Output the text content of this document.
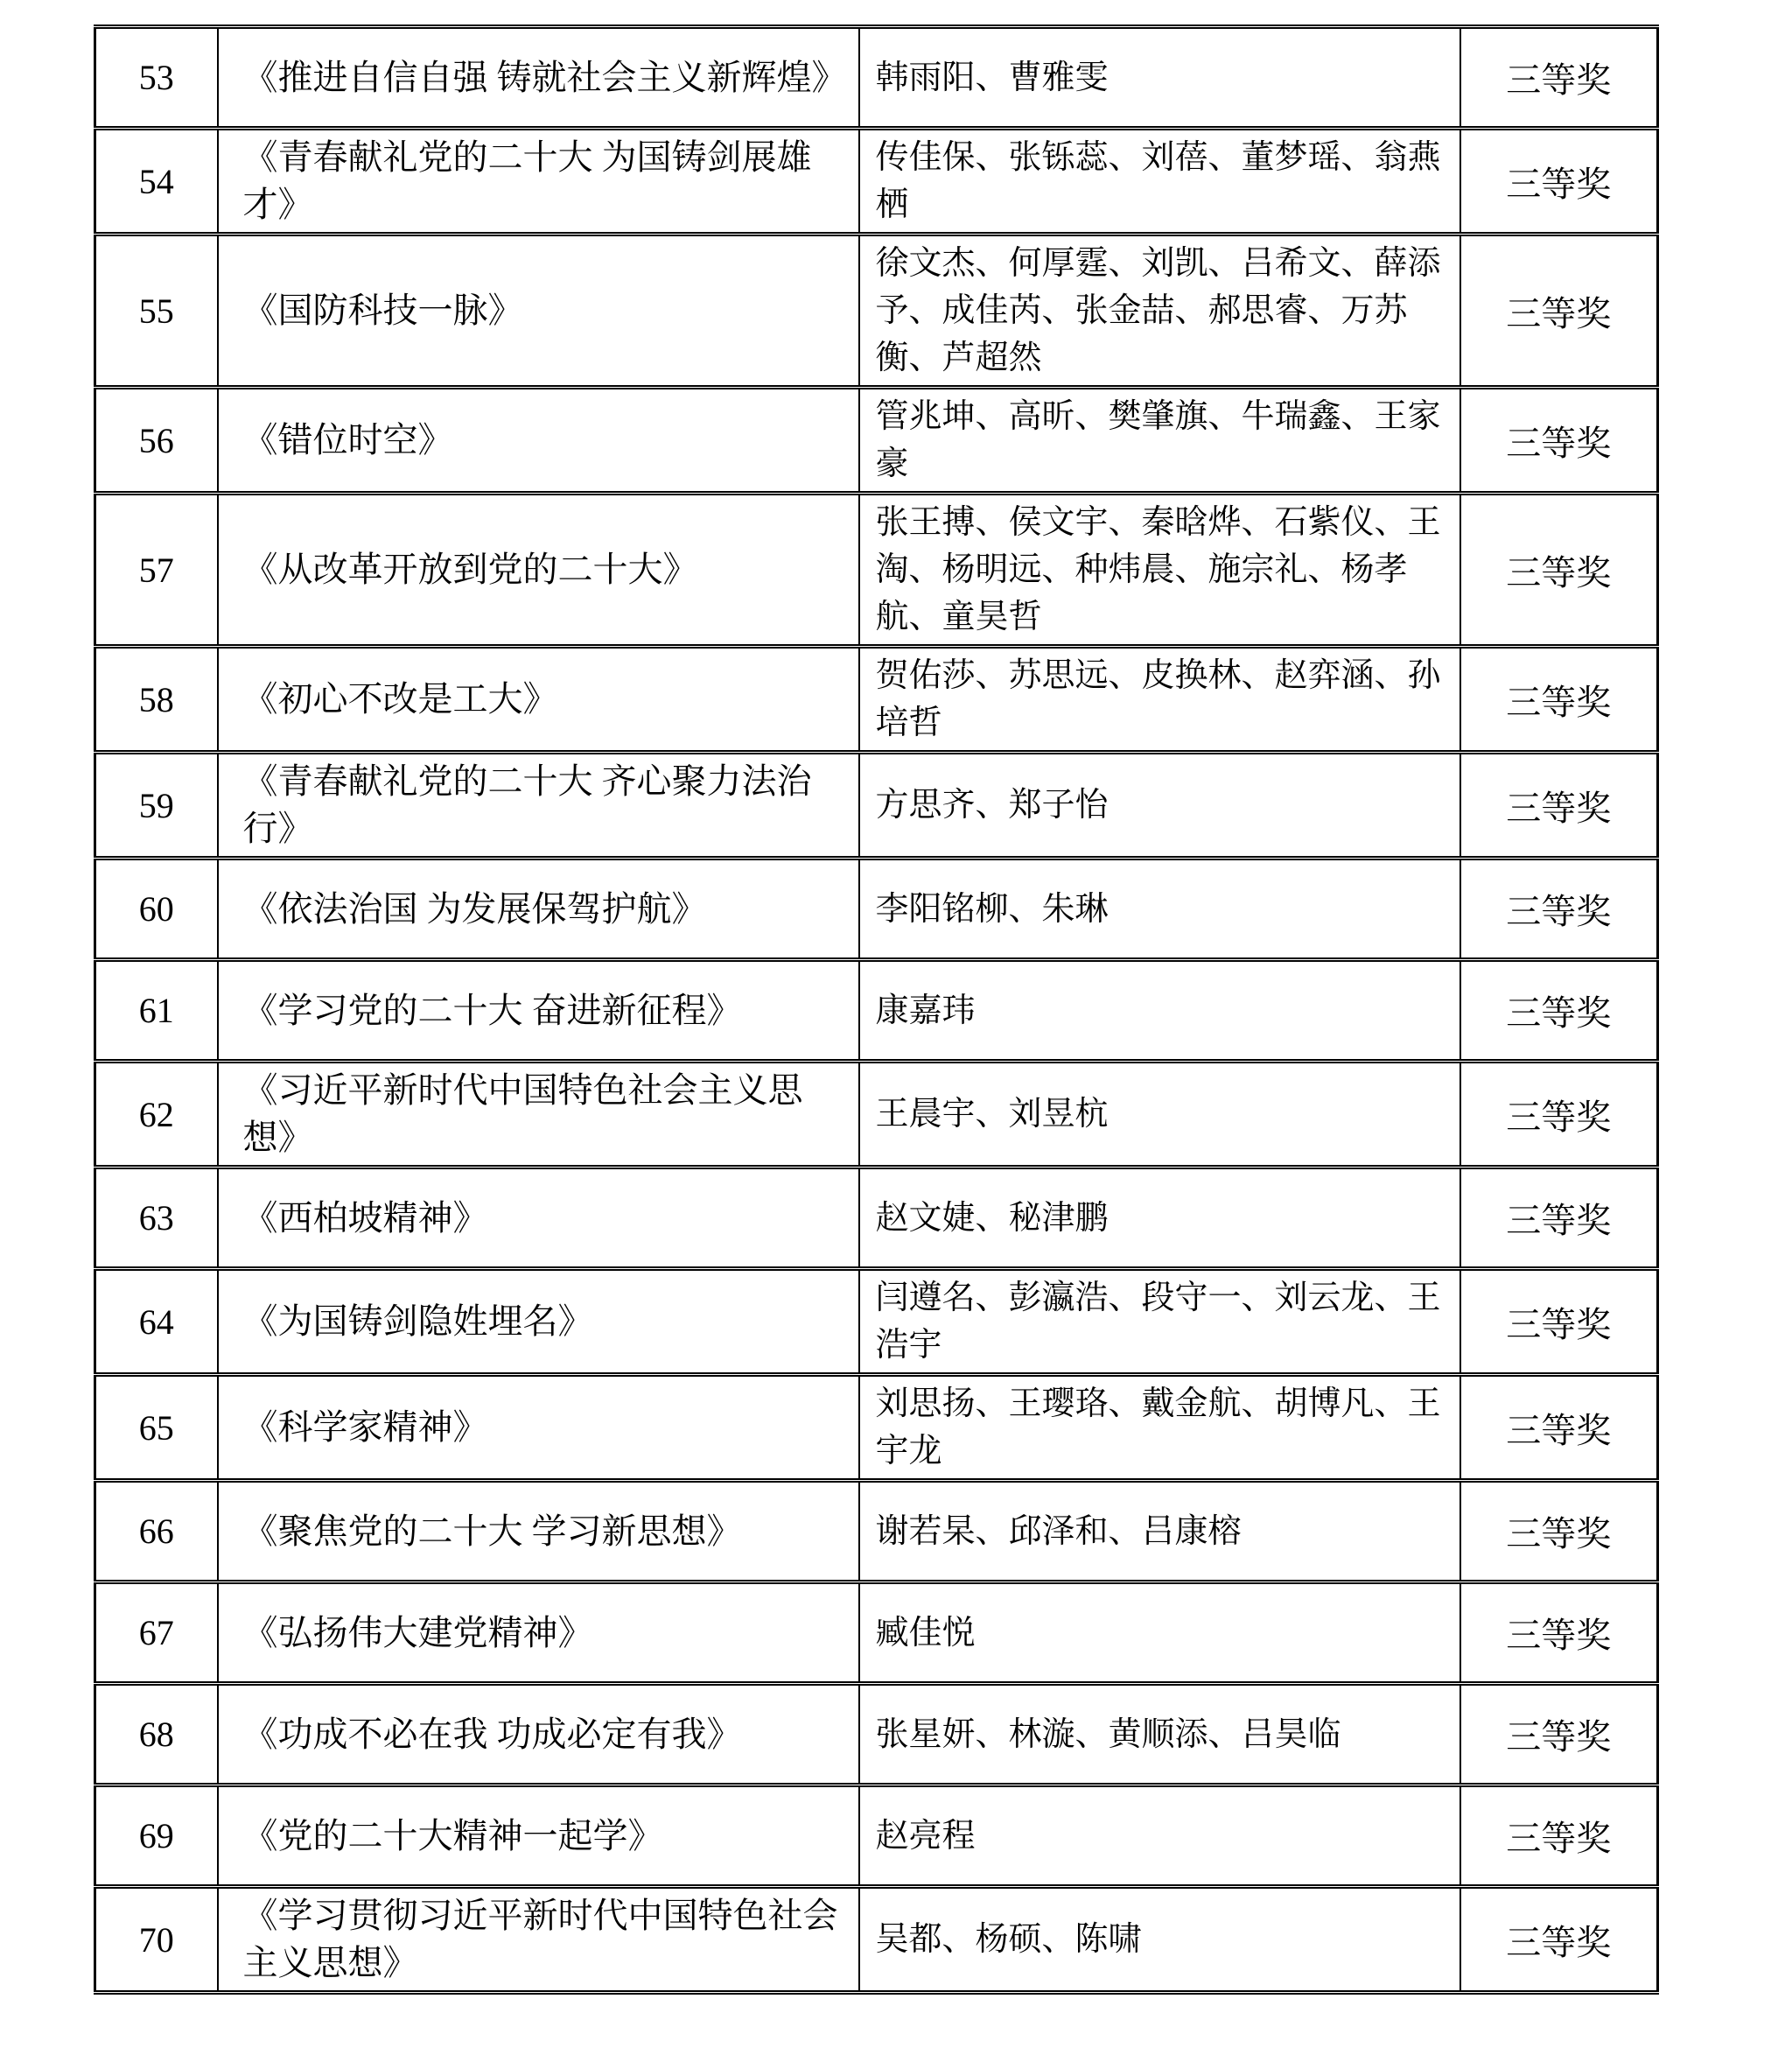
53	《推进自信自强 铸就社会主义新辉煌》	韩雨阳、曹雅雯	三等奖
54	《青春献礼党的二十大 为国铸剑展雄才》	传佳保、张铄蕊、刘蓓、董梦瑶、翁燕栖	三等奖
55	《国防科技一脉》	徐文杰、何厚霆、刘凯、吕希文、薛添予、成佳芮、张金喆、郝思睿、万苏衡、芦超然	三等奖
56	《错位时空》	管兆坤、高昕、樊肇旗、牛瑞鑫、王家豪	三等奖
57	《从改革开放到党的二十大》	张王搏、侯文宇、秦晗烨、石紫仪、王淘、杨明远、种炜晨、施宗礼、杨孝航、童昊哲	三等奖
58	《初心不改是工大》	贺佑莎、苏思远、皮换林、赵弈涵、孙培哲	三等奖
59	《青春献礼党的二十大 齐心聚力法治行》	方思齐、郑子怡	三等奖
60	《依法治国 为发展保驾护航》	李阳铭柳、朱琳	三等奖
61	《学习党的二十大 奋进新征程》	康嘉玮	三等奖
62	《习近平新时代中国特色社会主义思想》	王晨宇、刘昱杭	三等奖
63	《西柏坡精神》	赵文婕、秘津鹏	三等奖
64	《为国铸剑隐姓埋名》	闫遵名、彭瀛浩、段守一、刘云龙、王浩宇	三等奖
65	《科学家精神》	刘思扬、王璎珞、戴金航、胡博凡、王宇龙	三等奖
66	《聚焦党的二十大 学习新思想》	谢若杲、邱泽和、吕康榕	三等奖
67	《弘扬伟大建党精神》	臧佳悦	三等奖
68	《功成不必在我 功成必定有我》	张星妍、林漩、黄顺添、吕昊临	三等奖
69	《党的二十大精神一起学》	赵亮程	三等奖
70	《学习贯彻习近平新时代中国特色社会主义思想》	吴都、杨硕、陈啸	三等奖
